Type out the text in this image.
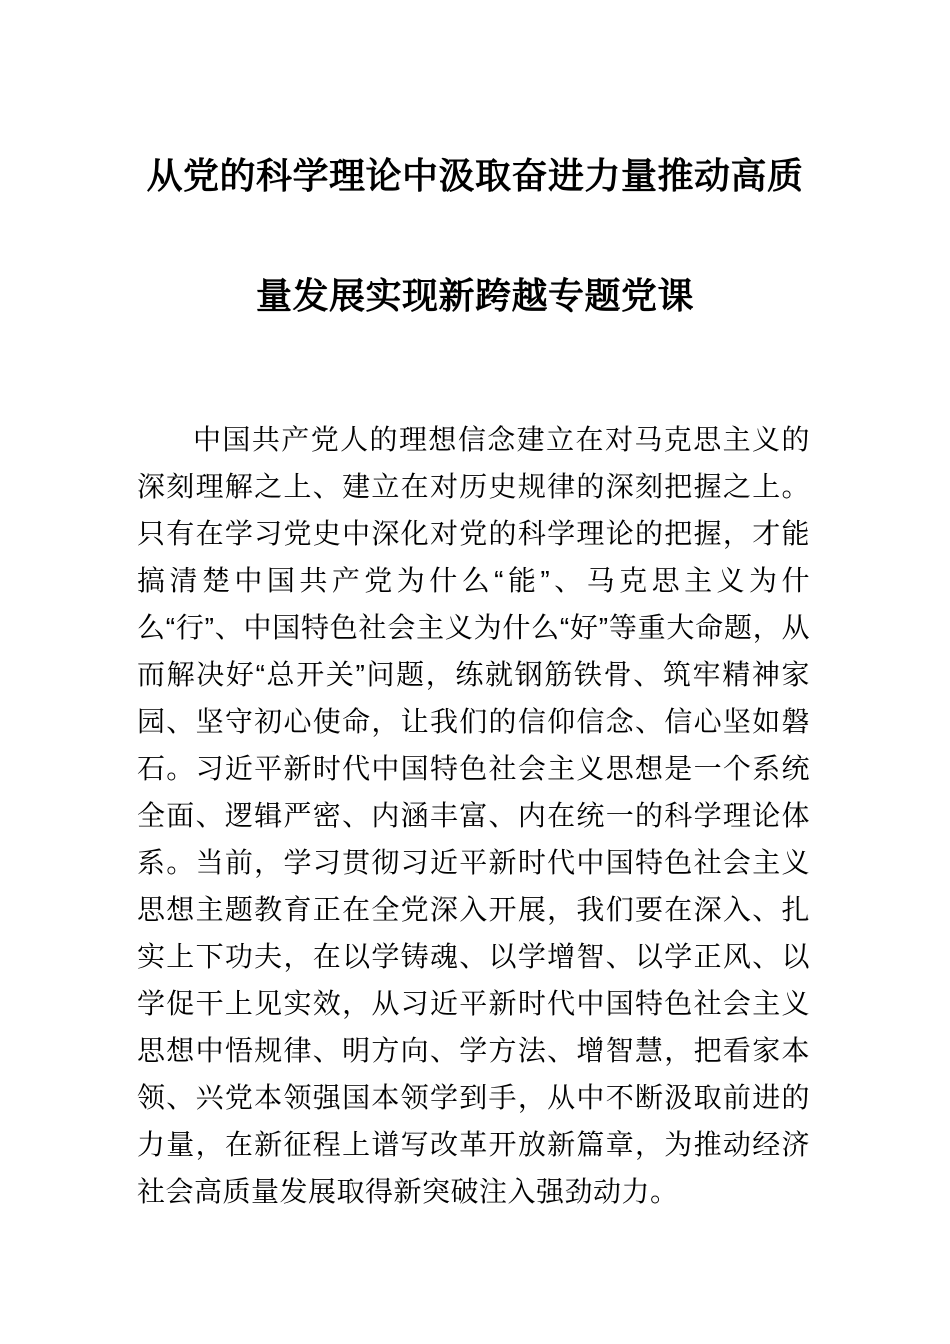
从党的科学理论中汲取奋进力量推动高质
量发展实现新跨越专题党课

中国共产党人的理想信念建立在对马克思主义的深刻理解之上、建立在对历史规律的深刻把握之上。只有在学习党史中深化对党的科学理论的把握，才能搞清楚中国共产党为什么“能”、马克思主义为什么“行”、中国特色社会主义为什么“好”等重大命题，从而解决好“总开关”问题，练就钢筋铁骨、筑牢精神家园、坚守初心使命，让我们的信仰信念、信心坚如磐石。习近平新时代中国特色社会主义思想是一个系统全面、逻辑严密、内涵丰富、内在统一的科学理论体系。当前，学习贯彻习近平新时代中国特色社会主义思想主题教育正在全党深入开展，我们要在深入、扎实上下功夫，在以学铸魂、以学增智、以学正风、以学促干上见实效，从习近平新时代中国特色社会主义思想中悟规律、明方向、学方法、增智慧，把看家本领、兴党本领强国本领学到手，从中不断汲取前进的力量，在新征程上谱写改革开放新篇章，为推动经济社会高质量发展取得新突破注入强劲动力。
